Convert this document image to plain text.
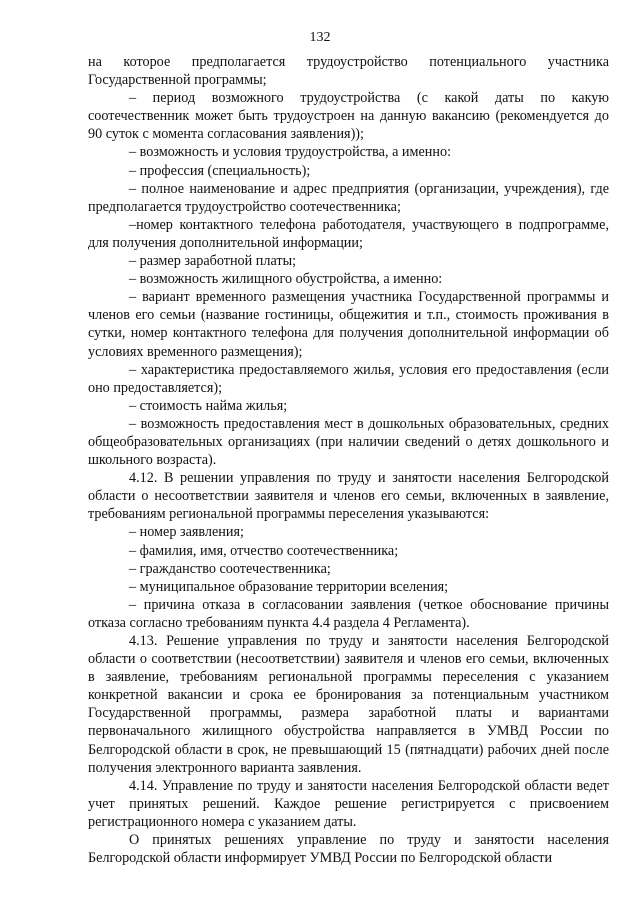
132

на которое предполагается трудоустройство потенциального участника Государственной программы;

– период возможного трудоустройства (с какой даты по какую соотечественник может быть трудоустроен на данную вакансию (рекомендуется до 90 суток с момента согласования заявления));

– возможность и условия трудоустройства, а именно:

– профессия (специальность);

– полное наименование и адрес предприятия (организации, учреждения), где предполагается трудоустройство соотечественника;

–номер контактного телефона работодателя, участвующего в подпрограмме, для получения дополнительной информации;

– размер заработной платы;

– возможность жилищного обустройства, а именно:

– вариант временного размещения участника Государственной программы и членов его семьи (название гостиницы, общежития и т.п., стоимость проживания в сутки, номер контактного телефона для получения дополнительной информации об условиях временного размещения);

– характеристика предоставляемого жилья, условия его предоставления (если оно предоставляется);

– стоимость найма жилья;

– возможность предоставления мест в дошкольных образовательных, средних общеобразовательных организациях (при наличии сведений о детях дошкольного и школьного возраста).

4.12. В решении управления по труду и занятости населения Белгородской области о несоответствии заявителя и членов его семьи, включенных в заявление, требованиям региональной программы переселения указываются:

– номер заявления;

– фамилия, имя, отчество соотечественника;

– гражданство соотечественника;

– муниципальное образование территории вселения;

– причина отказа в согласовании заявления (четкое обоснование причины отказа согласно требованиям пункта 4.4 раздела 4 Регламента).

4.13. Решение управления по труду и занятости населения Белгородской области о соответствии (несоответствии) заявителя и членов его семьи, включенных в заявление, требованиям региональной программы переселения с указанием конкретной вакансии и срока ее бронирования за потенциальным участником Государственной программы, размера заработной платы и вариантами первоначального жилищного обустройства направляется в УМВД России по Белгородской области в срок, не превышающий 15 (пятнадцати) рабочих дней после получения электронного варианта заявления.

4.14. Управление по труду и занятости населения Белгородской области ведет учет принятых решений. Каждое решение регистрируется с присвоением регистрационного номера с указанием даты.

О принятых решениях управление по труду и занятости населения Белгородской области информирует УМВД России по Белгородской области
